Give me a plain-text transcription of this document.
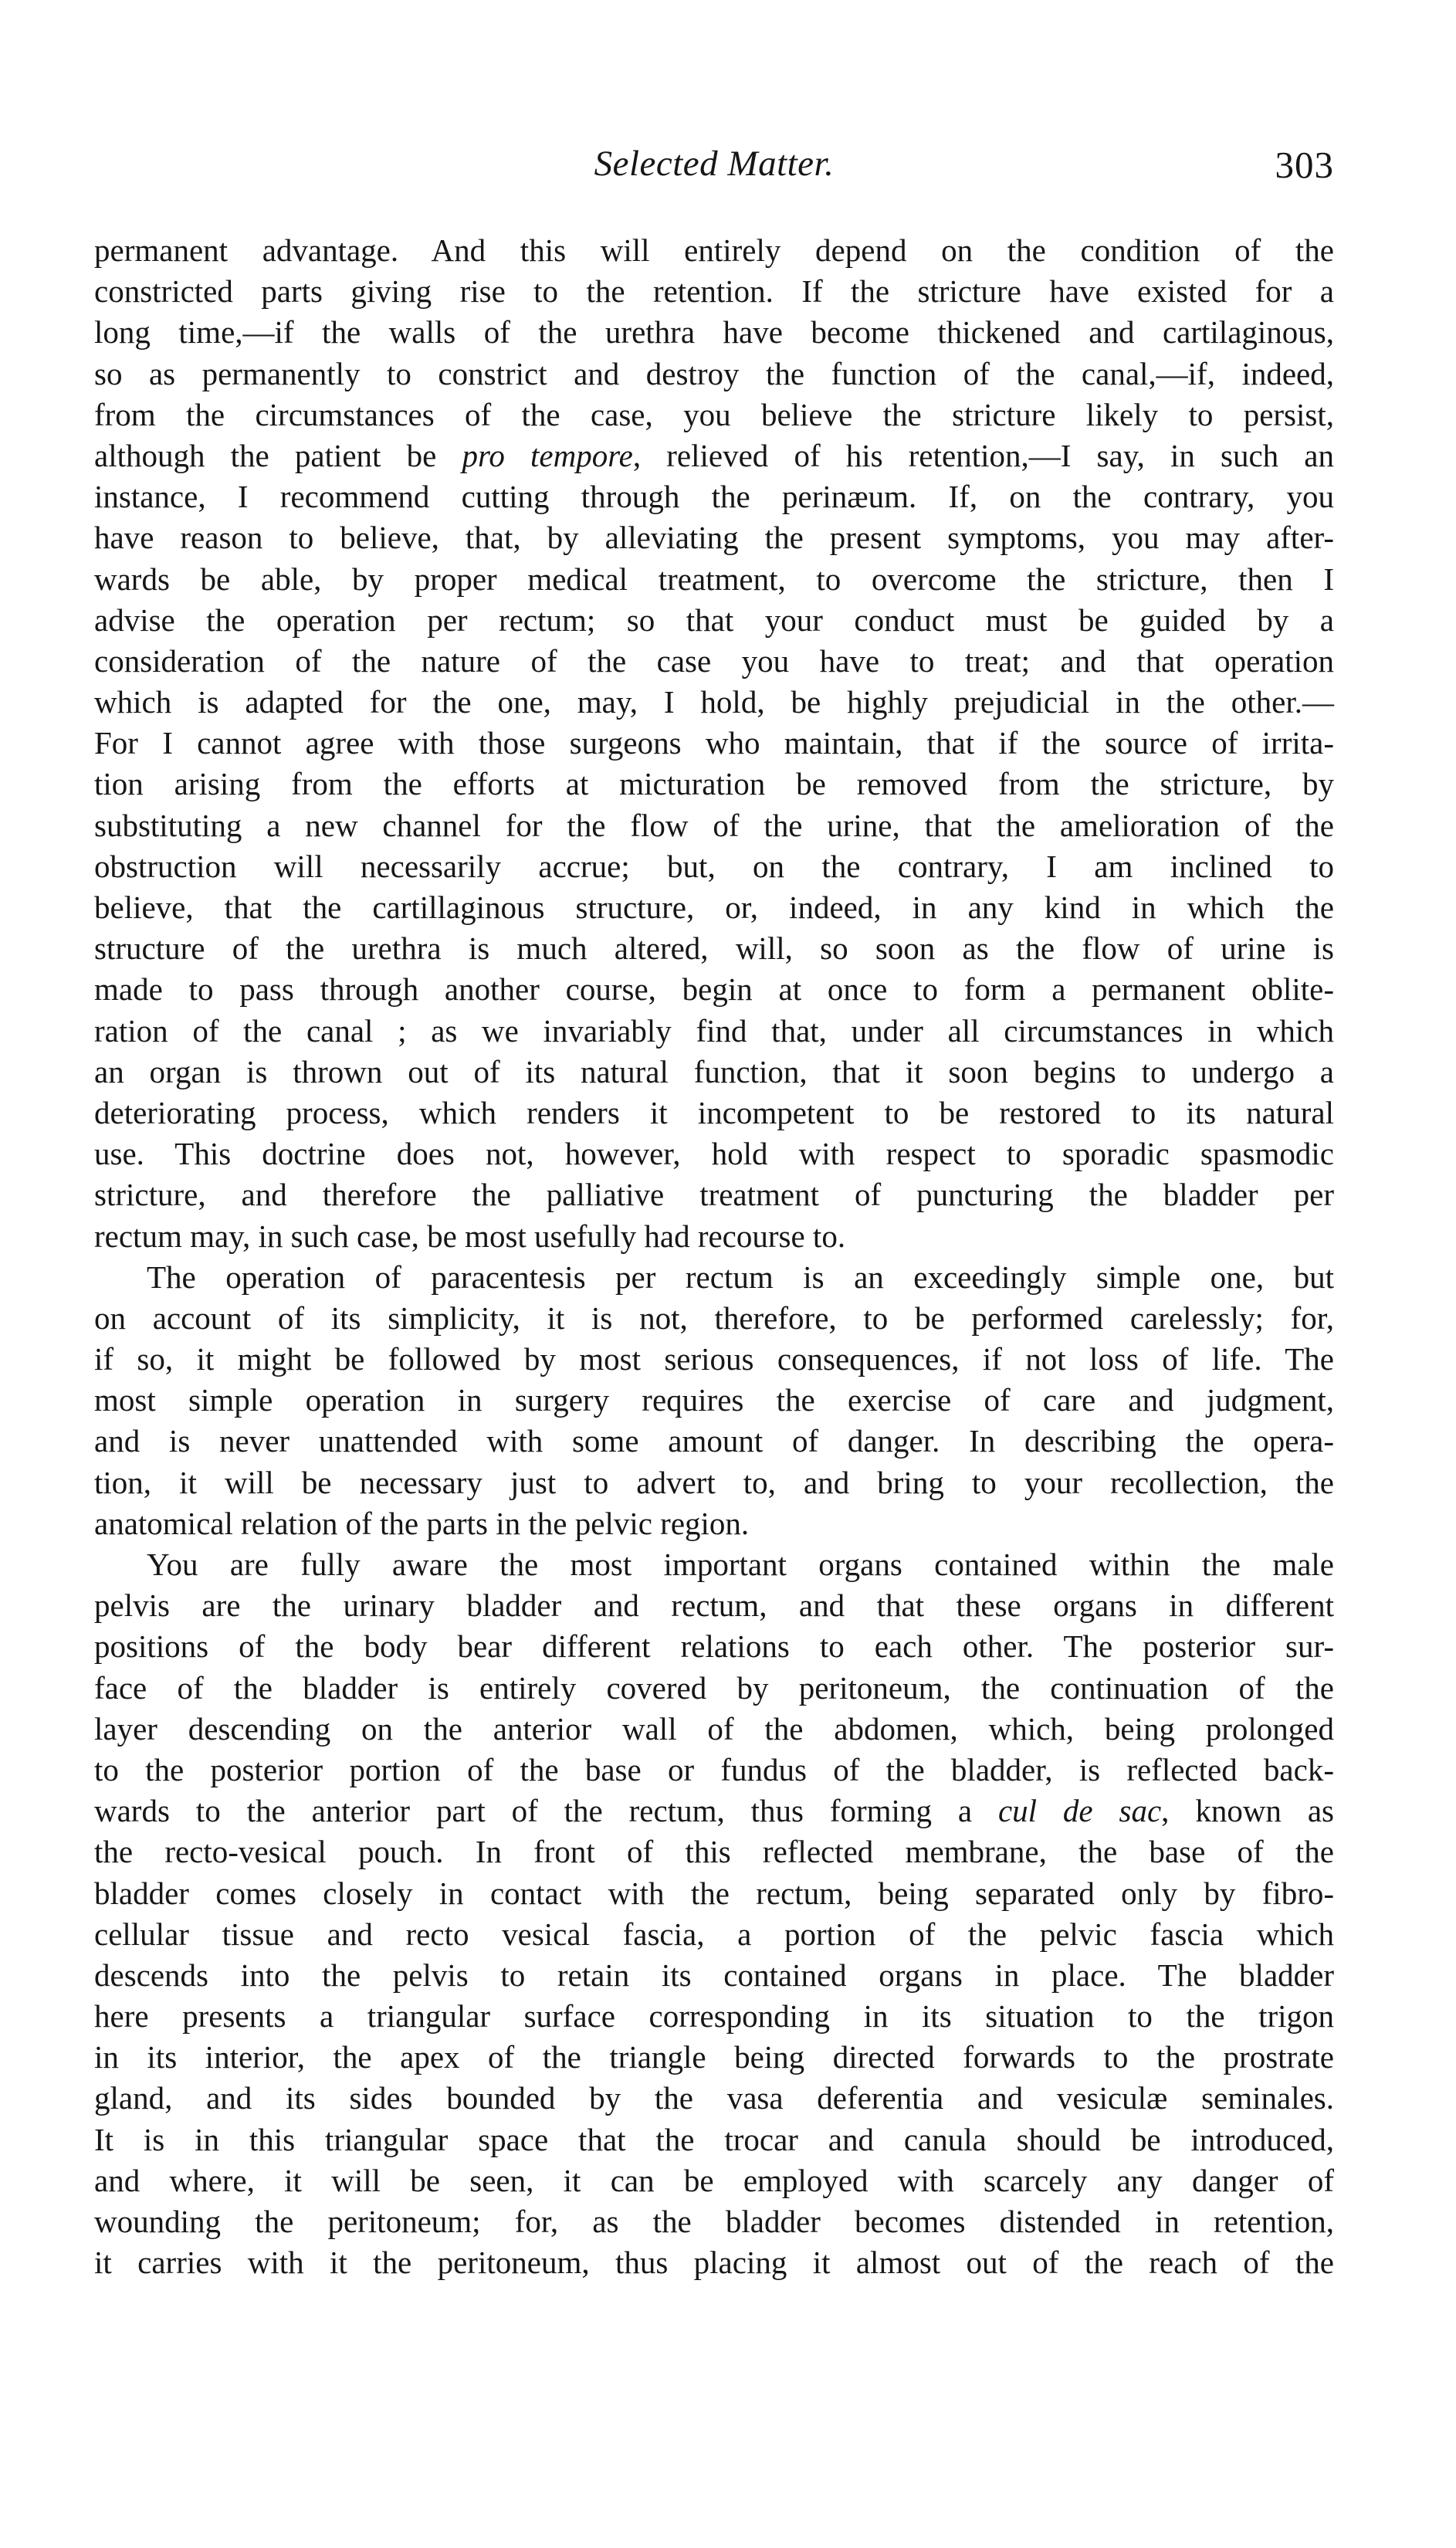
Selected Matter.	303
permanent advantage. And this will entirely depend on the condition of the
constricted parts giving rise to the retention. If the stricture have existed for a
long time,—if the walls of the urethra have become thickened and cartilaginous,
so as permanently to constrict and destroy the function of the canal,—if, indeed,
from the circumstances of the case, you believe the stricture likely to persist,
although the patient be pro tempore, relieved of his retention,—I say, in such an
instance, I recommend cutting through the perinæum. If, on the contrary, you
have reason to believe, that, by alleviating the present symptoms, you may after-
wards be able, by proper medical treatment, to overcome the stricture, then I
advise the operation per rectum; so that your conduct must be guided by a
consideration of the nature of the case you have to treat; and that operation
which is adapted for the one, may, I hold, be highly prejudicial in the other.—
For I cannot agree with those surgeons who maintain, that if the source of irrita-
tion arising from the efforts at micturation be removed from the stricture, by
substituting a new channel for the flow of the urine, that the amelioration of the
obstruction will necessarily accrue; but, on the contrary, I am inclined to
believe, that the cartillaginous structure, or, indeed, in any kind in which the
structure of the urethra is much altered, will, so soon as the flow of urine is
made to pass through another course, begin at once to form a permanent oblite-
ration of the canal ; as we invariably find that, under all circumstances in which
an organ is thrown out of its natural function, that it soon begins to undergo a
deteriorating process, which renders it incompetent to be restored to its natural
use. This doctrine does not, however, hold with respect to sporadic spasmodic
stricture, and therefore the palliative treatment of puncturing the bladder per
rectum may, in such case, be most usefully had recourse to.
The operation of paracentesis per rectum is an exceedingly simple one, but
on account of its simplicity, it is not, therefore, to be performed carelessly; for,
if so, it might be followed by most serious consequences, if not loss of life. The
most simple operation in surgery requires the exercise of care and judgment,
and is never unattended with some amount of danger. In describing the opera-
tion, it will be necessary just to advert to, and bring to your recollection, the
anatomical relation of the parts in the pelvic region.
You are fully aware the most important organs contained within the male
pelvis are the urinary bladder and rectum, and that these organs in different
positions of the body bear different relations to each other. The posterior sur-
face of the bladder is entirely covered by peritoneum, the continuation of the
layer descending on the anterior wall of the abdomen, which, being prolonged
to the posterior portion of the base or fundus of the bladder, is reflected back-
wards to the anterior part of the rectum, thus forming a cul de sac, known as
the recto-vesical pouch. In front of this reflected membrane, the base of the
bladder comes closely in contact with the rectum, being separated only by fibro-
cellular tissue and recto vesical fascia, a portion of the pelvic fascia which
descends into the pelvis to retain its contained organs in place. The bladder
here presents a triangular surface corresponding in its situation to the trigon
in its interior, the apex of the triangle being directed forwards to the prostrate
gland, and its sides bounded by the vasa deferentia and vesiculæ seminales.
It is in this triangular space that the trocar and canula should be introduced,
and where, it will be seen, it can be employed with scarcely any danger of
wounding the peritoneum; for, as the bladder becomes distended in retention,
it carries with it the peritoneum, thus placing it almost out of the reach of the
